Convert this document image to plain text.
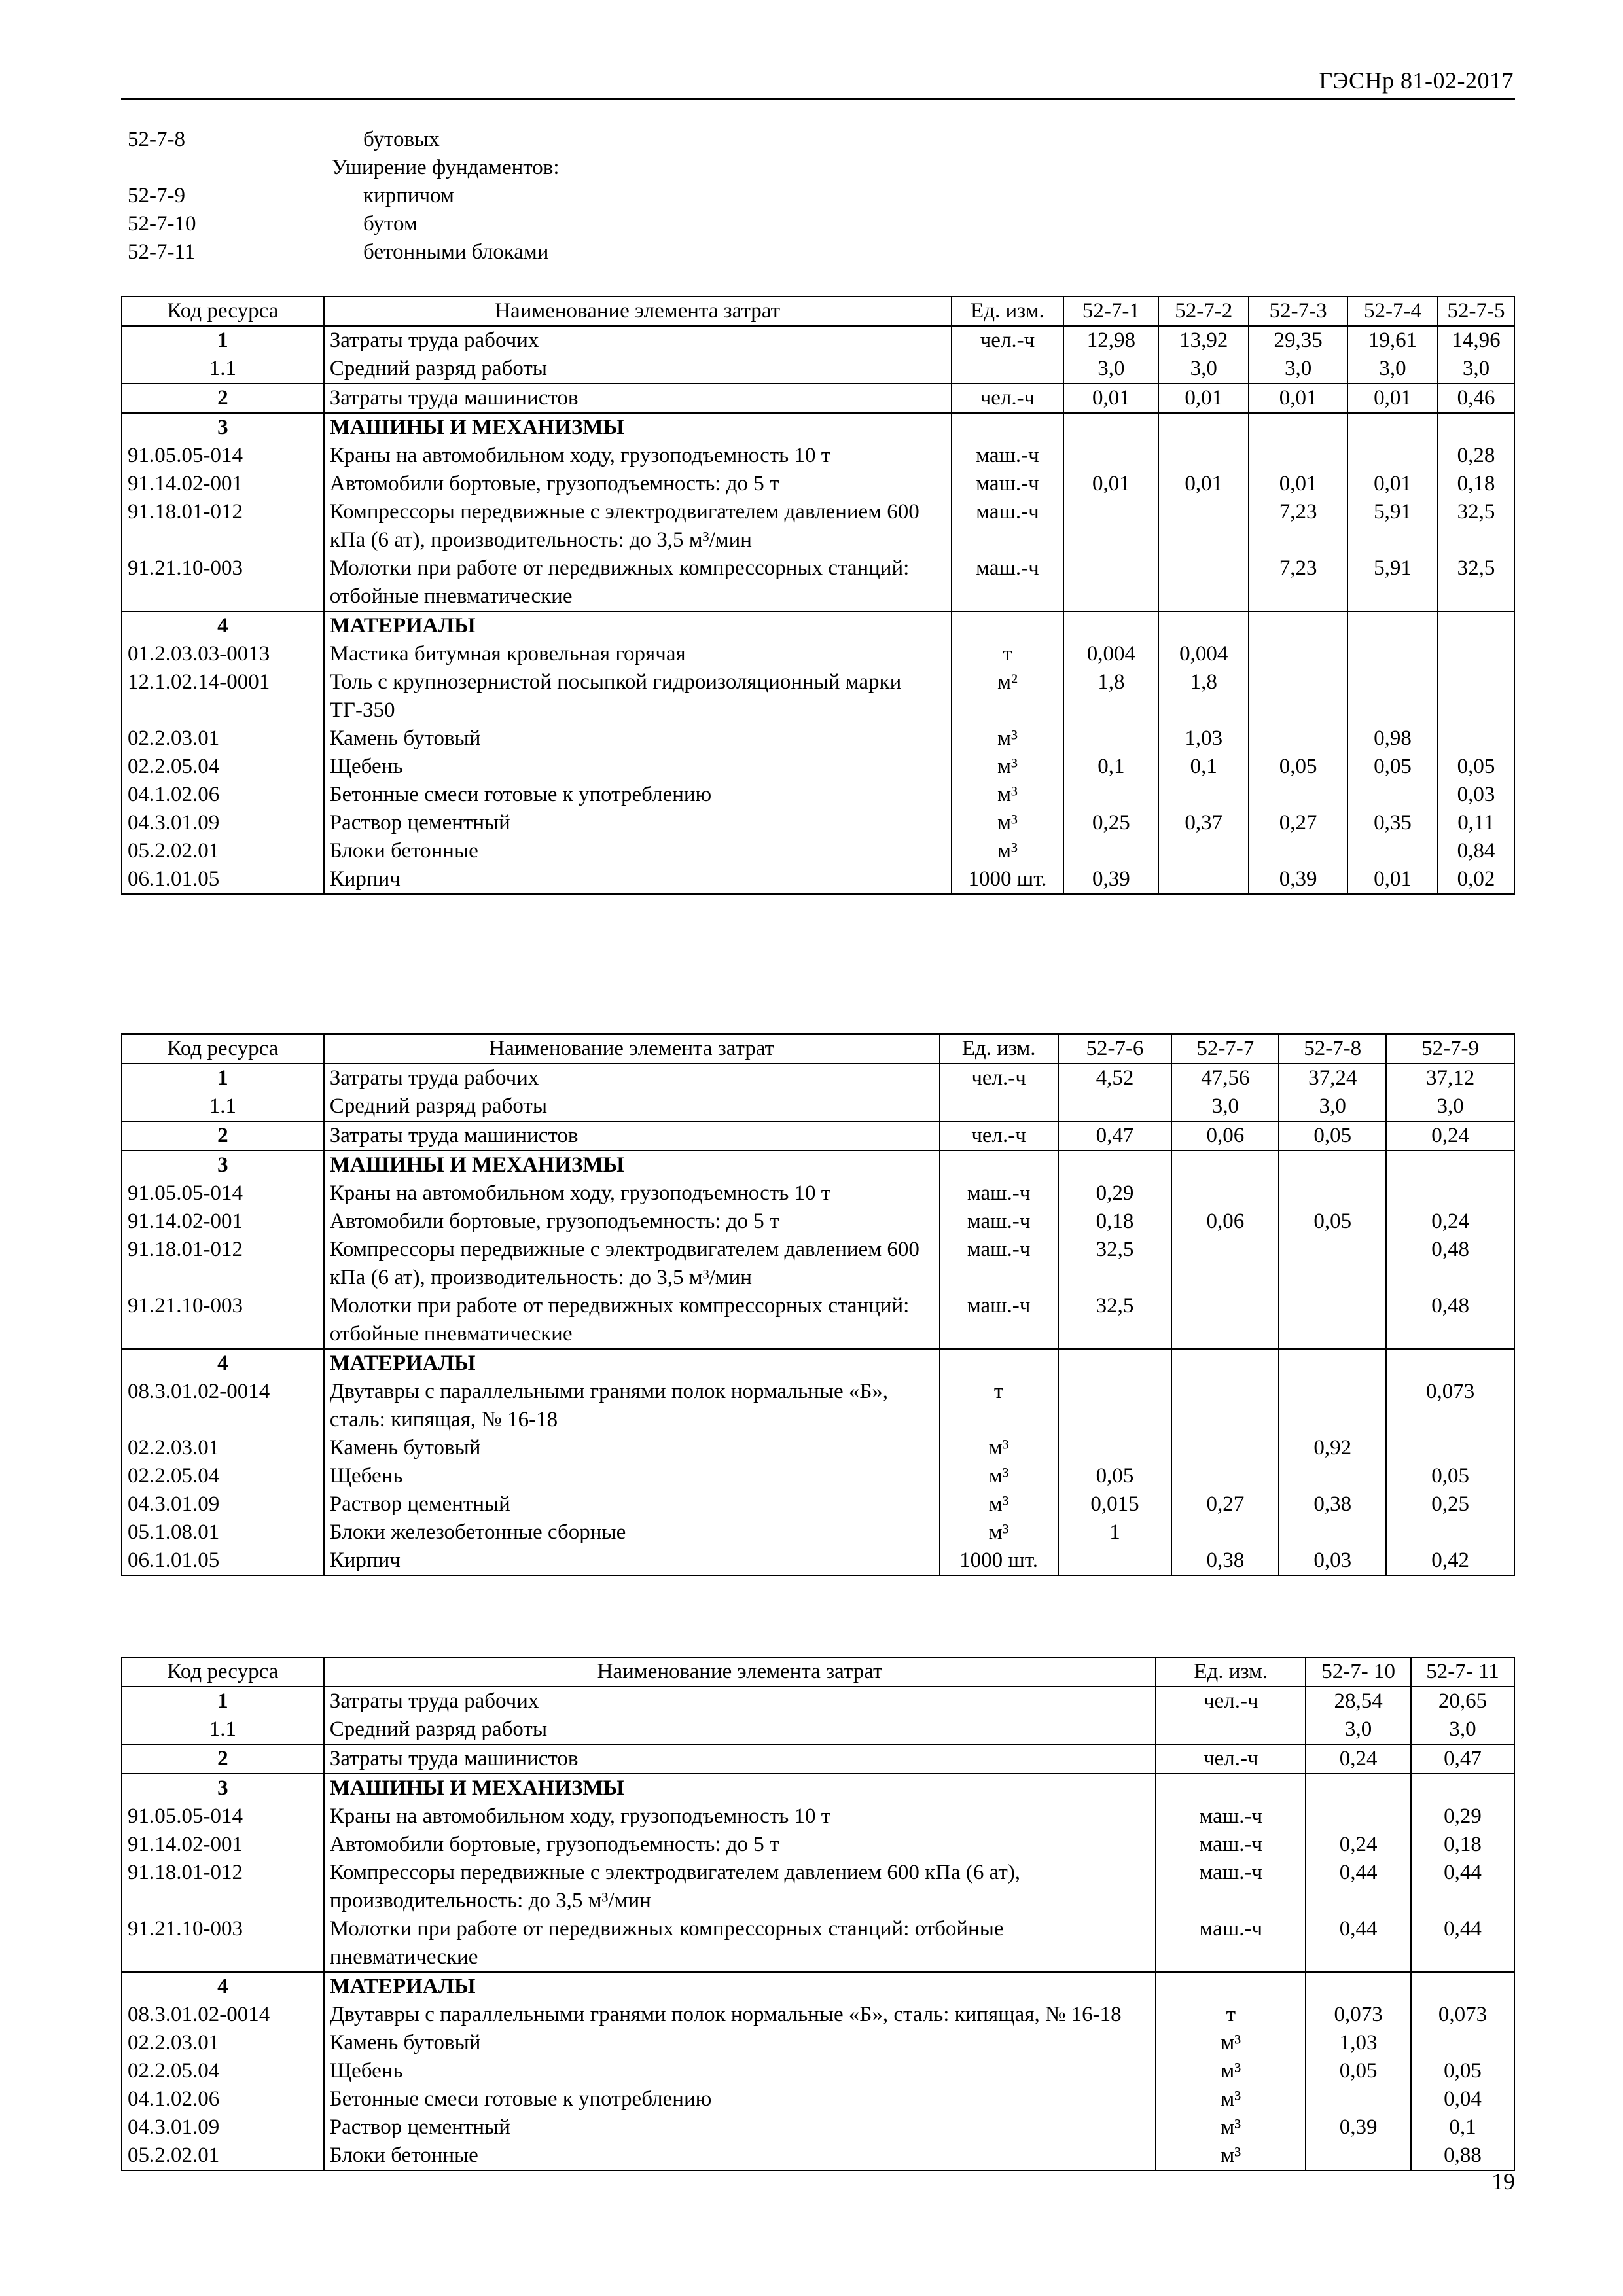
ГЭСНр 81-02-2017
52-7-8	бутовых
Уширение фундаментов:
52-7-9	кирпичом
52-7-10	бутом
52-7-11	бетонными блоками
Код ресурса	Наименование элемента затрат	Ед. изм.	52-7-1	52-7-2	52-7-3	52-7-4	52-7-5
1	Затраты труда рабочих	чел.-ч	12,98	13,92	29,35	19,61	14,96
1.1	Средний разряд работы		3,0	3,0	3,0	3,0	3,0
2	Затраты труда машинистов	чел.-ч	0,01	0,01	0,01	0,01	0,46
3	МАШИНЫ И МЕХАНИЗМЫ						
91.05.05-014	Краны на автомобильном ходу, грузоподъемность 10 т	маш.-ч					0,28
91.14.02-001	Автомобили бортовые, грузоподъемность: до 5 т	маш.-ч	0,01	0,01	0,01	0,01	0,18
91.18.01-012	Компрессоры передвижные с электродвигателем давлением 600 кПа (6 ат), производительность: до 3,5 м³/мин	маш.-ч			7,23	5,91	32,5
91.21.10-003	Молотки при работе от передвижных компрессорных станций: отбойные пневматические	маш.-ч			7,23	5,91	32,5
4	МАТЕРИАЛЫ						
01.2.03.03-0013	Мастика битумная кровельная горячая	т	0,004	0,004			
12.1.02.14-0001	Толь с крупнозернистой посыпкой гидроизоляционный марки ТГ-350	м²	1,8	1,8			
02.2.03.01	Камень бутовый	м³		1,03		0,98	
02.2.05.04	Щебень	м³	0,1	0,1	0,05	0,05	0,05
04.1.02.06	Бетонные смеси готовые к употреблению	м³					0,03
04.3.01.09	Раствор цементный	м³	0,25	0,37	0,27	0,35	0,11
05.2.02.01	Блоки бетонные	м³					0,84
06.1.01.05	Кирпич	1000 шт.	0,39		0,39	0,01	0,02
Код ресурса	Наименование элемента затрат	Ед. изм.	52-7-6	52-7-7	52-7-8	52-7-9
1	Затраты труда рабочих	чел.-ч	4,52	47,56	37,24	37,12
1.1	Средний разряд работы			3,0	3,0	3,0
2	Затраты труда машинистов	чел.-ч	0,47	0,06	0,05	0,24
3	МАШИНЫ И МЕХАНИЗМЫ					
91.05.05-014	Краны на автомобильном ходу, грузоподъемность 10 т	маш.-ч	0,29			
91.14.02-001	Автомобили бортовые, грузоподъемность: до 5 т	маш.-ч	0,18	0,06	0,05	0,24
91.18.01-012	Компрессоры передвижные с электродвигателем давлением 600 кПа (6 ат), производительность: до 3,5 м³/мин	маш.-ч	32,5			0,48
91.21.10-003	Молотки при работе от передвижных компрессорных станций: отбойные пневматические	маш.-ч	32,5			0,48
4	МАТЕРИАЛЫ					
08.3.01.02-0014	Двутавры с параллельными гранями полок нормальные «Б», сталь: кипящая, № 16-18	т				0,073
02.2.03.01	Камень бутовый	м³			0,92	
02.2.05.04	Щебень	м³	0,05			0,05
04.3.01.09	Раствор цементный	м³	0,015	0,27	0,38	0,25
05.1.08.01	Блоки железобетонные сборные	м³	1			
06.1.01.05	Кирпич	1000 шт.		0,38	0,03	0,42
Код ресурса	Наименование элемента затрат	Ед. изм.	52-7- 10	52-7- 11
1	Затраты труда рабочих	чел.-ч	28,54	20,65
1.1	Средний разряд работы		3,0	3,0
2	Затраты труда машинистов	чел.-ч	0,24	0,47
3	МАШИНЫ И МЕХАНИЗМЫ			
91.05.05-014	Краны на автомобильном ходу, грузоподъемность 10 т	маш.-ч		0,29
91.14.02-001	Автомобили бортовые, грузоподъемность: до 5 т	маш.-ч	0,24	0,18
91.18.01-012	Компрессоры передвижные с электродвигателем давлением 600 кПа (6 ат), производительность: до 3,5 м³/мин	маш.-ч	0,44	0,44
91.21.10-003	Молотки при работе от передвижных компрессорных станций: отбойные пневматические	маш.-ч	0,44	0,44
4	МАТЕРИАЛЫ			
08.3.01.02-0014	Двутавры с параллельными гранями полок нормальные «Б», сталь: кипящая, № 16-18	т	0,073	0,073
02.2.03.01	Камень бутовый	м³	1,03	
02.2.05.04	Щебень	м³	0,05	0,05
04.1.02.06	Бетонные смеси готовые к употреблению	м³		0,04
04.3.01.09	Раствор цементный	м³	0,39	0,1
05.2.02.01	Блоки бетонные	м³		0,88
19
